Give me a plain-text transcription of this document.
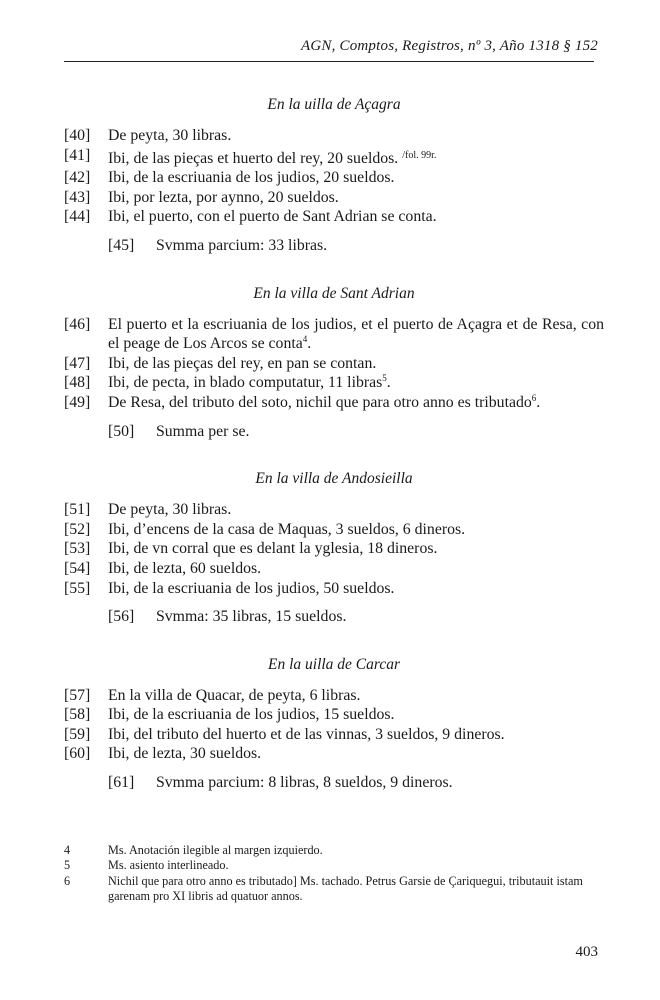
AGN, Comptos, Registros, nº 3, Año 1318 § 152
En la uilla de Açagra
[40]	De peyta, 30 libras.
[41]	Ibi, de las pieças et huerto del rey, 20 sueldos. $^{/fol. 99r.}$
[42]	Ibi, de la escriuania de los judios, 20 sueldos.
[43]	Ibi, por lezta, por aynno, 20 sueldos.
[44]	Ibi, el puerto, con el puerto de Sant Adrian se conta.
[45]	Svmma parcium: 33 libras.
En la villa de Sant Adrian
[46]	El puerto et la escriuania de los judios, et el puerto de Açagra et de Resa, con el peage de Los Arcos se conta$^4$.
[47]	Ibi, de las pieças del rey, en pan se contan.
[48]	Ibi, de pecta, in blado computatur, 11 libras$^5$.
[49]	De Resa, del tributo del soto, nichil que para otro anno es tributado$^6$.
[50]	Summa per se.
En la villa de Andosieilla
[51]	De peyta, 30 libras.
[52]	Ibi, d’encens de la casa de Maquas, 3 sueldos, 6 dineros.
[53]	Ibi, de vn corral que es delant la yglesia, 18 dineros.
[54]	Ibi, de lezta, 60 sueldos.
[55]	Ibi, de la escriuania de los judios, 50 sueldos.
[56]	Svmma: 35 libras, 15 sueldos.
En la uilla de Carcar
[57]	En la villa de Quacar, de peyta, 6 libras.
[58]	Ibi, de la escriuania de los judios, 15 sueldos.
[59]	Ibi, del tributo del huerto et de las vinnas, 3 sueldos, 9 dineros.
[60]	Ibi, de lezta, 30 sueldos.
[61]	Svmma parcium: 8 libras, 8 sueldos, 9 dineros.
4	Ms. Anotación ilegible al margen izquierdo.
5	Ms. asiento interlineado.
6	Nichil que para otro anno es tributado] Ms. tachado. Petrus Garsie de Çariquegui, tributauit istam garenam pro XI libris ad quatuor annos.
403
